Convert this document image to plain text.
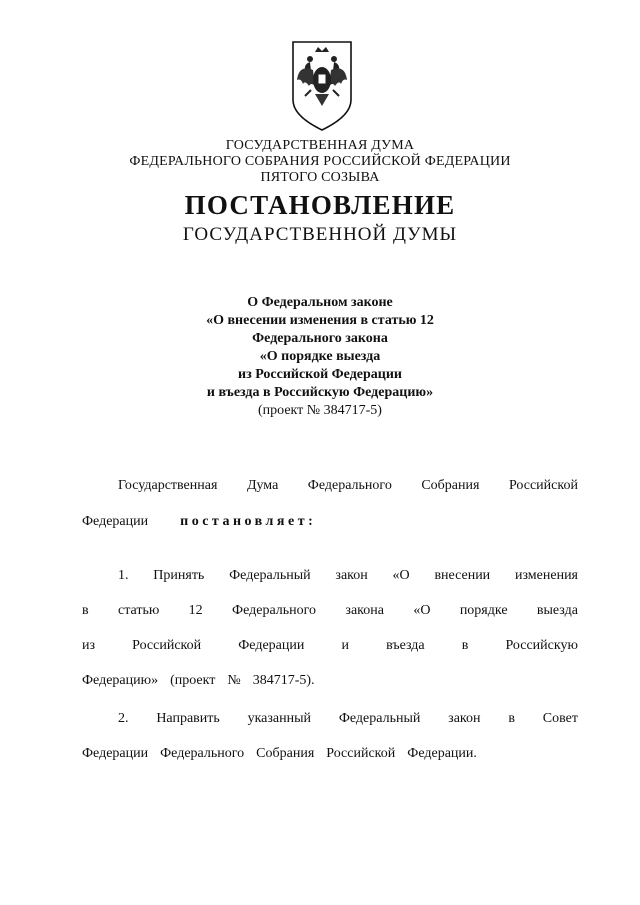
ГОСУДАРСТВЕННАЯ ДУМА
ФЕДЕРАЛЬНОГО СОБРАНИЯ РОССИЙСКОЙ ФЕДЕРАЦИИ
ПЯТОГО СОЗЫВА
ПОСТАНОВЛЕНИЕ
ГОСУДАРСТВЕННОЙ ДУМЫ
О Федеральном законе
«О внесении изменения в статью 12
Федерального закона
«О порядке выезда
из Российской Федерации
и въезда в Российскую Федерацию»
(проект № 384717-5)
Государственная Дума Федерального Собрания Российской
Федерации постановляет:
1. Принять Федеральный закон «О внесении изменения
в статью 12 Федерального закона «О порядке выезда
из	Российской	Федерации	и	въезда	в	Российскую
Федерацию» (проект № 384717-5).
2. Направить указанный Федеральный закон в Совет
Федерации Федерального Собрания Российской Федерации.
